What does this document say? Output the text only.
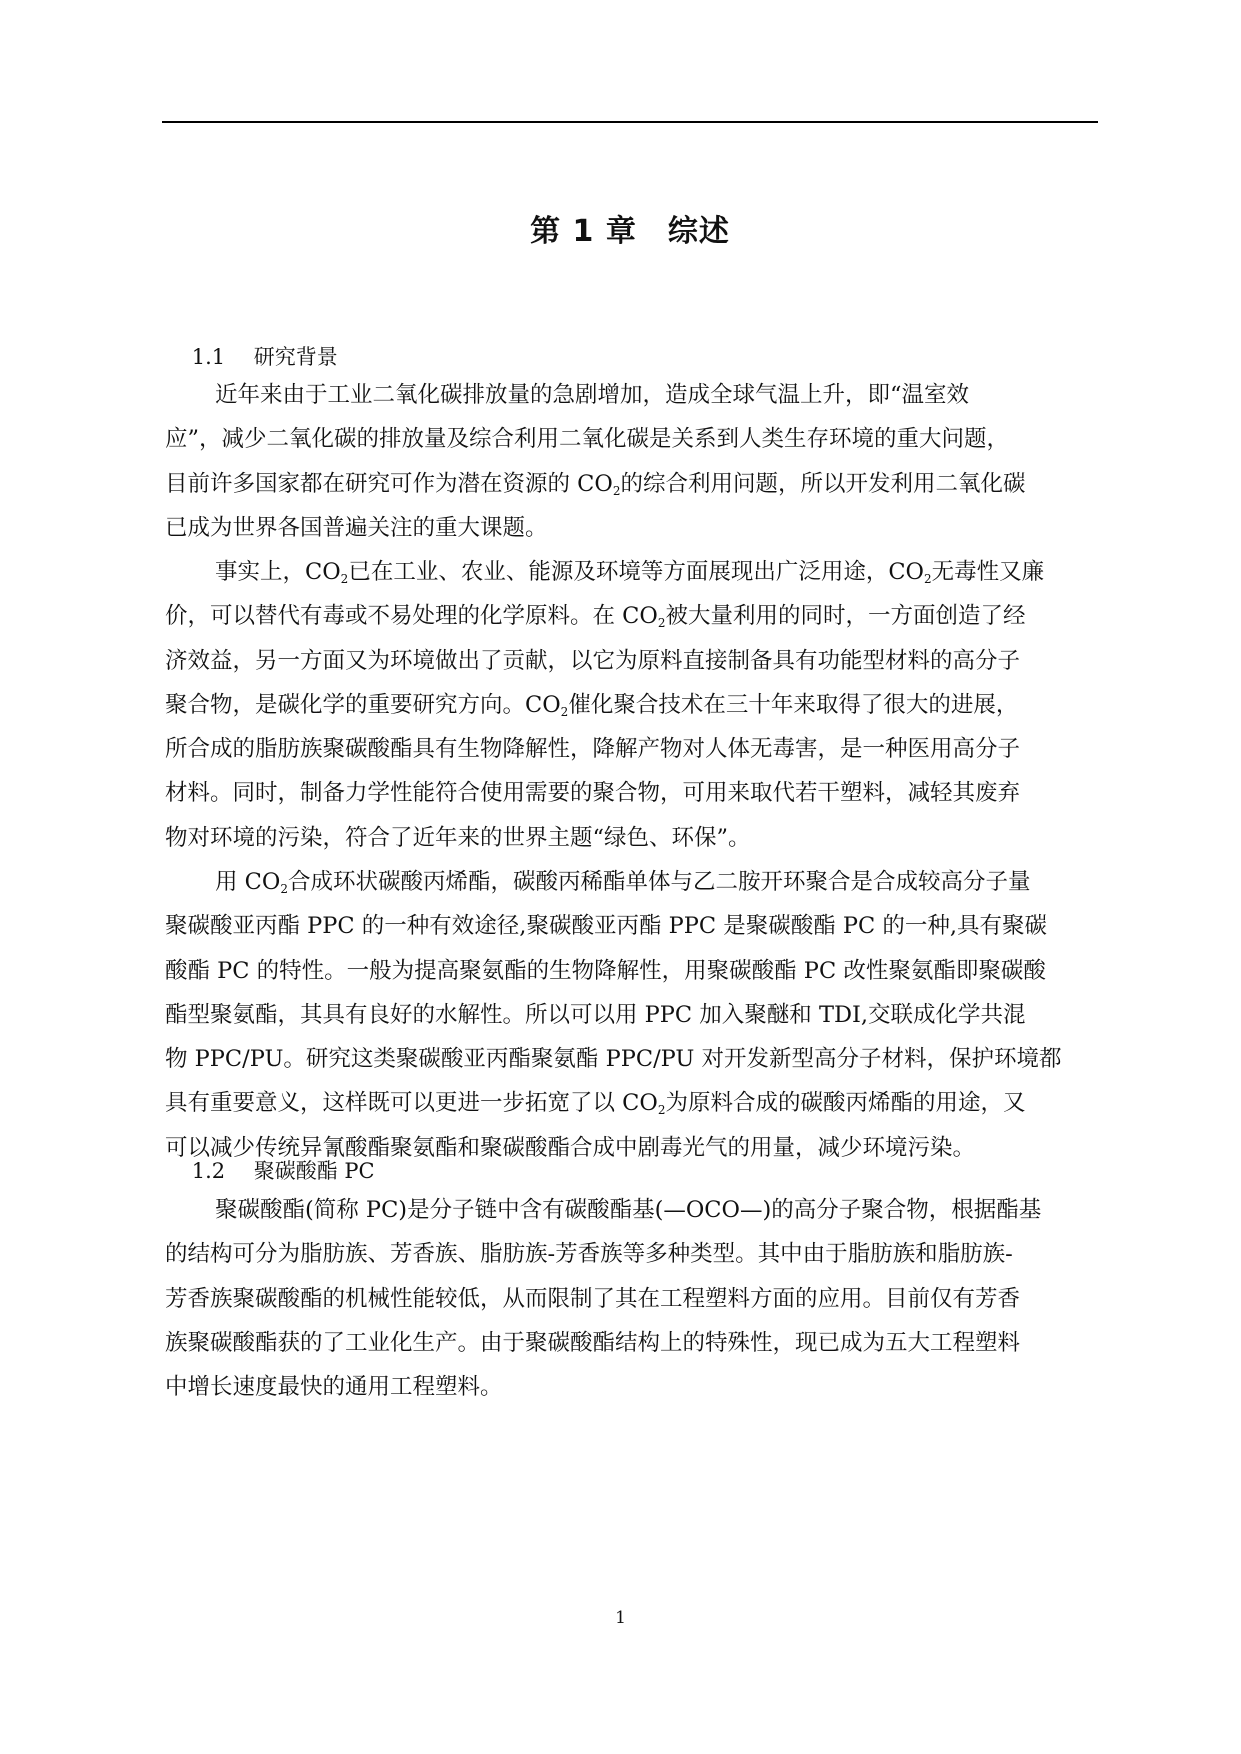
第 1 章　综述

1.1 研究背景

近年来由于工业二氧化碳排放量的急剧增加，造成全球气温上升，即“温室效
应”，减少二氧化碳的排放量及综合利用二氧化碳是关系到人类生存环境的重大问题，
目前许多国家都在研究可作为潜在资源的 $CO_2$的综合利用问题，所以开发利用二氧化碳
已成为世界各国普遍关注的重大课题。
事实上，$CO_2$已在工业、农业、能源及环境等方面展现出广泛用途，$CO_2$无毒性又廉
价，可以替代有毒或不易处理的化学原料。在 $CO_2$被大量利用的同时，一方面创造了经
济效益，另一方面又为环境做出了贡献，以它为原料直接制备具有功能型材料的高分子
聚合物，是碳化学的重要研究方向。$CO_2$催化聚合技术在三十年来取得了很大的进展，
所合成的脂肪族聚碳酸酯具有生物降解性，降解产物对人体无毒害，是一种医用高分子
材料。同时，制备力学性能符合使用需要的聚合物，可用来取代若干塑料，减轻其废弃
物对环境的污染，符合了近年来的世界主题“绿色、环保”。
用 $CO_2$合成环状碳酸丙烯酯，碳酸丙稀酯单体与乙二胺开环聚合是合成较高分子量
聚碳酸亚丙酯 PPC 的一种有效途径,聚碳酸亚丙酯 PPC 是聚碳酸酯 PC 的一种,具有聚碳
酸酯 PC 的特性。一般为提高聚氨酯的生物降解性，用聚碳酸酯 PC 改性聚氨酯即聚碳酸
酯型聚氨酯，其具有良好的水解性。所以可以用 PPC 加入聚醚和 TDI,交联成化学共混
物 PPC/PU。研究这类聚碳酸亚丙酯聚氨酯 PPC/PU 对开发新型高分子材料，保护环境都
具有重要意义，这样既可以更进一步拓宽了以 $CO_2$为原料合成的碳酸丙烯酯的用途，又
可以减少传统异氰酸酯聚氨酯和聚碳酸酯合成中剧毒光气的用量，减少环境污染。

1.2 聚碳酸酯 PC

聚碳酸酯(简称 PC)是分子链中含有碳酸酯基(—OCO—)的高分子聚合物，根据酯基
的结构可分为脂肪族、芳香族、脂肪族-芳香族等多种类型。其中由于脂肪族和脂肪族-
芳香族聚碳酸酯的机械性能较低，从而限制了其在工程塑料方面的应用。目前仅有芳香
族聚碳酸酯获的了工业化生产。由于聚碳酸酯结构上的特殊性，现已成为五大工程塑料
中增长速度最快的通用工程塑料。
1
